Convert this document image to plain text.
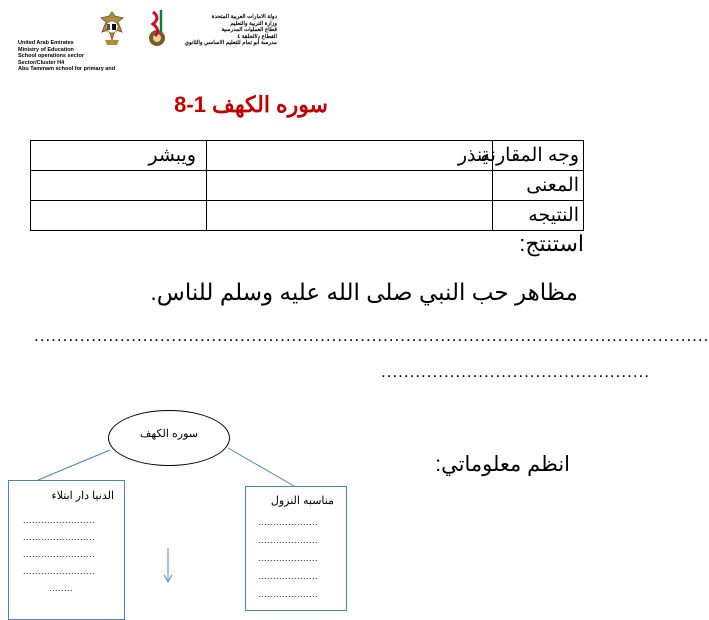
United Arab Emirates
Ministry of Education
School operations sector
Sector/Cluster H4
Abu Tammam school for primary and
دولة الامارات العربية المتحدة
وزارة التربية والتعليم
قطاع العمليات المدرسية
القطاع د/الحلقة ٤
مدرسة أبو تمام للتعليم الاساسي والثانوي
سوره الكهف 1-8
وجه المقارنة	ينذر	ويبشر
المعنى		
النتيجه		
استنتج:
مظاهر حب النبي صلى الله عليه وسلم للناس.
......................................................................................................................
...............................................
انظم معلوماتي:
سوره الكهف
الدنيا دار ابتلاء
........................
........................
........................
........................
........
مناسبه النزول
....................
....................
....................
....................
....................
